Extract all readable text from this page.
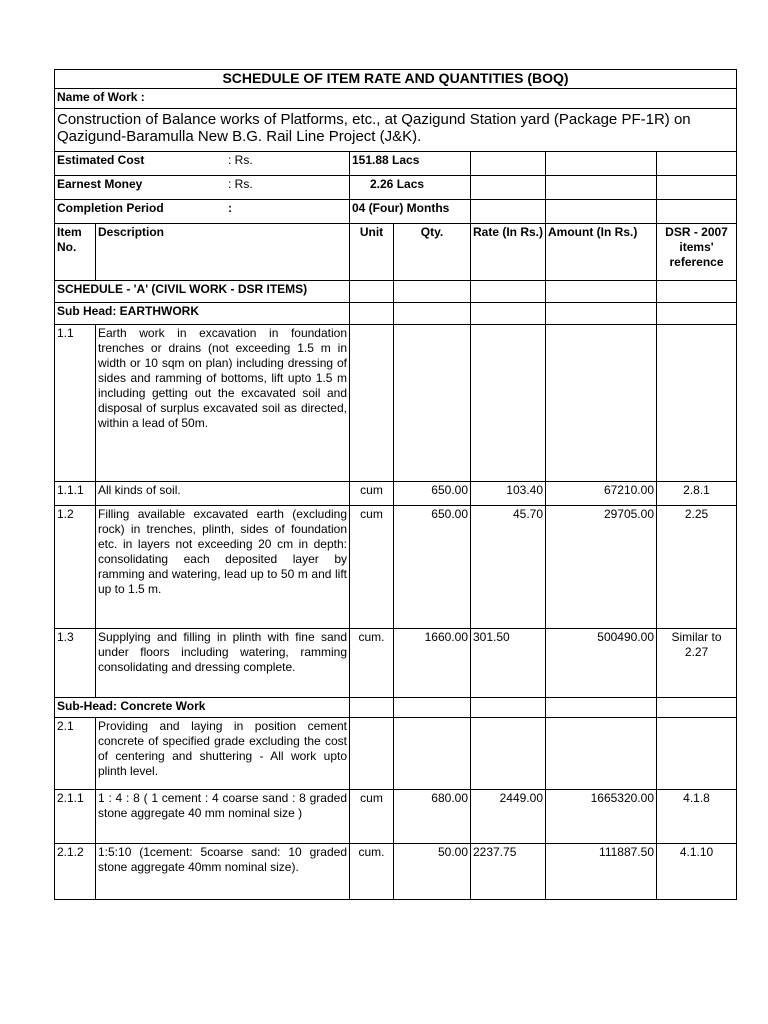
SCHEDULE OF ITEM RATE AND QUANTITIES (BOQ)						
Name of Work :						
Construction of Balance works of Platforms, etc., at Qazigund Station yard (Package PF-1R) on Qazigund-Baramulla New B.G. Rail Line Project (J&K).						
Estimated Cost : Rs.		151.88 Lacs				
Earnest Money : Rs.		2.26 Lacs				
Completion Period :		04 (Four) Months				
Item No.	Description	Unit	Qty.	Rate (In Rs.)	Amount (In Rs.)	DSR - 2007 items' reference
SCHEDULE - 'A' (CIVIL WORK - DSR ITEMS)						
Sub Head: EARTHWORK						
1.1	Earth work in excavation in foundation trenches or drains (not exceeding 1.5 m in width or 10 sqm on plan) including dressing of sides and ramming of bottoms, lift upto 1.5 m including getting out the excavated soil and disposal of surplus excavated soil as directed, within a lead of 50m.					
1.1.1	All kinds of soil.	cum	650.00	103.40	67210.00	2.8.1
1.2	Filling available excavated earth (excluding rock) in trenches, plinth, sides of foundation etc. in layers not exceeding 20 cm in depth: consolidating each deposited layer by ramming and watering, lead up to 50 m and lift up to 1.5 m.	cum	650.00	45.70	29705.00	2.25
1.3	Supplying and filling in plinth with fine sand under floors including watering, ramming consolidating and dressing complete.	cum.	1660.00	301.50	500490.00	Similar to 2.27
Sub-Head: Concrete Work						
2.1	Providing and laying in position cement concrete of specified grade excluding the cost of centering and shuttering - All work upto plinth level.					
2.1.1	1 : 4 : 8 ( 1 cement : 4 coarse sand : 8 graded stone aggregate 40 mm nominal size )	cum	680.00	2449.00	1665320.00	4.1.8
2.1.2	1:5:10 (1cement: 5coarse sand: 10 graded stone aggregate 40mm nominal size).	cum.	50.00	2237.75	111887.50	4.1.10
